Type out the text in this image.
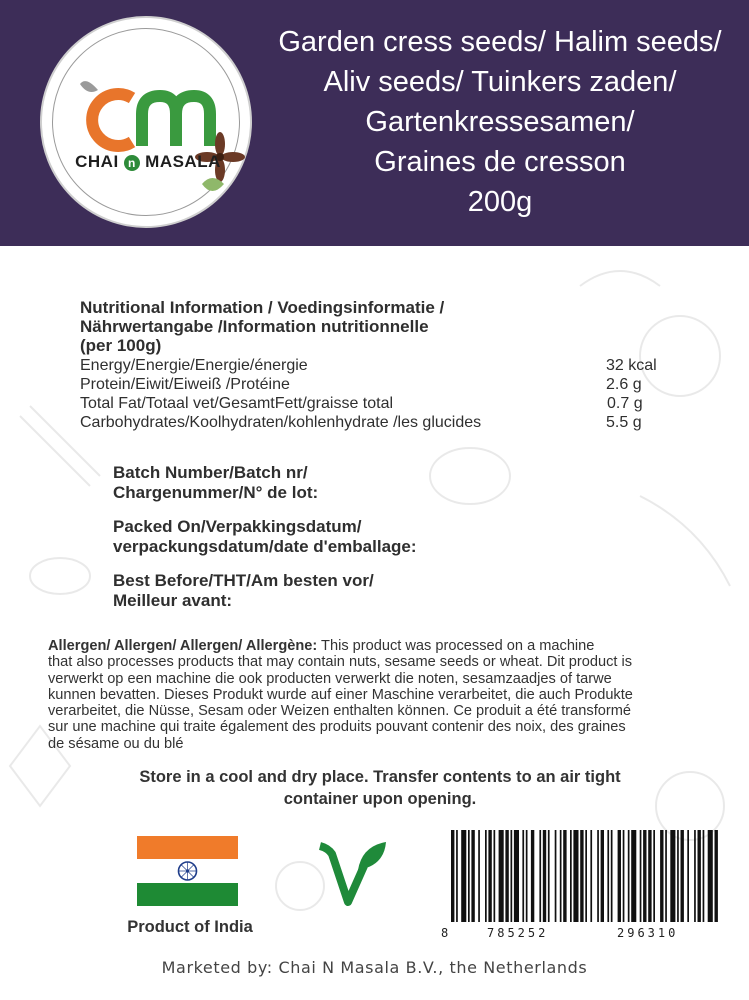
CHAI n MASALA
Garden cress seeds/ Halim seeds/
Aliv seeds/ Tuinkers zaden/
Gartenkressesamen/
Graines de cresson
200g
Nutritional Information / Voedingsinformatie /
Nährwertangabe /Information nutritionnelle
(per 100g)
Energy/Energie/Energie/énergie	32 kcal
Protein/Eiwit/Eiweiß /Protéine	2.6 g
Total Fat/Totaal vet/GesamtFett/graisse total	0.7 g
Carbohydrates/Koolhydraten/kohlenhydrate /les glucides	5.5 g
Batch Number/Batch nr/
Chargenummer/N° de lot:
Packed On/Verpakkingsdatum/
verpackungsdatum/date d'emballage:
Best Before/THT/Am besten vor/
Meilleur avant:
Allergen/ Allergen/ Allergen/ Allergène: This product was processed on a machine
that also processes products that may contain nuts, sesame seeds or wheat. Dit product is
verwerkt op een machine die ook producten verwerkt die noten, sesamzaadjes of tarwe
kunnen bevatten. Dieses Produkt wurde auf einer Maschine verarbeitet, die auch Produkte
verarbeitet, die Nüsse, Sesam oder Weizen enthalten können. Ce produit a été transformé
sur une machine qui traite également des produits pouvant contenir des noix, des graines
de sésame ou du blé
Store in a cool and dry place. Transfer contents to an air tight
container upon opening.
Product of India	8	785252	296310
Marketed by: Chai N Masala B.V., the Netherlands
